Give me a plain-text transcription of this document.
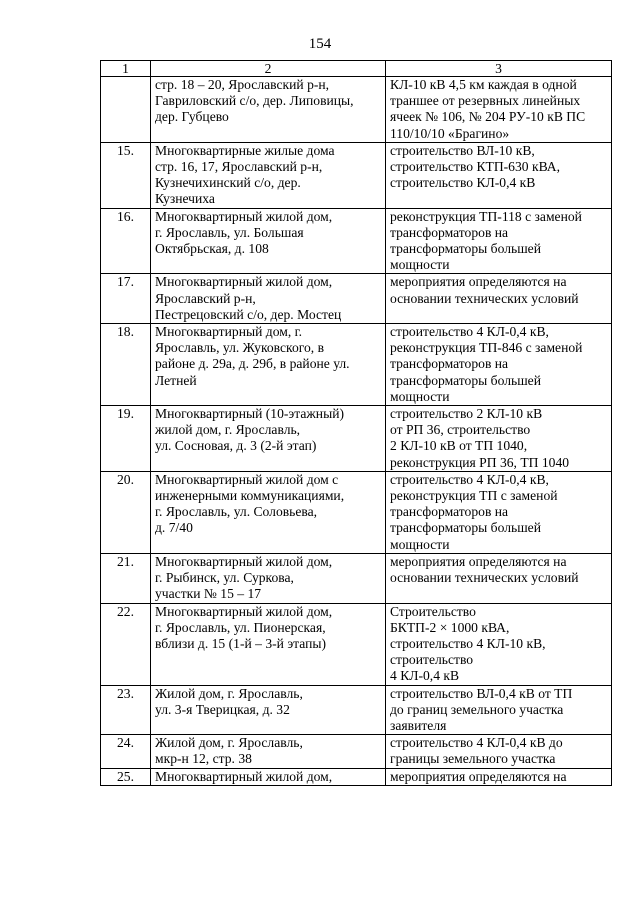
154
1	2	3

	стр. 18 – 20, Ярославский р-н,
Гавриловский с/о, дер. Липовицы,
дер. Губцево	КЛ-10 кВ 4,5 км каждая в одной
траншее от резервных линейных
ячеек № 106, № 204 РУ-10 кВ ПС
110/10/10 «Брагино»

15.	Многоквартирные жилые дома
стр. 16, 17, Ярославский р-н,
Кузнечихинский с/о, дер.
Кузнечиха	строительство ВЛ-10 кВ,
строительство КТП-630 кВА,
строительство КЛ-0,4 кВ

16.	Многоквартирный жилой дом,
г. Ярославль, ул. Большая
Октябрьская, д. 108	реконструкция ТП-118 с заменой
трансформаторов на
трансформаторы большей
мощности

17.	Многоквартирный жилой дом,
Ярославский р-н,
Пестрецовский с/о, дер. Мостец	мероприятия определяются на
основании технических условий

18.	Многоквартирный дом, г.
Ярославль, ул. Жуковского, в
районе д. 29а, д. 29б, в районе ул.
Летней	строительство 4 КЛ-0,4 кВ,
реконструкция ТП-846 с заменой
трансформаторов на
трансформаторы большей
мощности

19.	Многоквартирный (10-этажный)
жилой дом, г. Ярославль,
ул. Сосновая, д. 3 (2-й этап)	строительство 2 КЛ-10 кВ
от РП 36, строительство
2 КЛ-10 кВ от ТП 1040,
реконструкция РП 36, ТП 1040

20.	Многоквартирный жилой дом с
инженерными коммуникациями,
г. Ярославль, ул. Соловьева,
д. 7/40	строительство 4 КЛ-0,4 кВ,
реконструкция ТП с заменой
трансформаторов на
трансформаторы большей
мощности

21.	Многоквартирный жилой дом,
г. Рыбинск, ул. Суркова,
участки № 15 – 17	мероприятия определяются на
основании технических условий

22.	Многоквартирный жилой дом,
г. Ярославль, ул. Пионерская,
вблизи д. 15 (1-й – 3-й этапы)	Строительство
БКТП-2 × 1000 кВА,
строительство 4 КЛ-10 кВ,
строительство
4 КЛ-0,4 кВ

23.	Жилой дом, г. Ярославль,
ул. 3-я Тверицкая, д. 32	строительство ВЛ-0,4 кВ от ТП
до границ земельного участка
заявителя

24.	Жилой дом, г. Ярославль,
мкр-н 12, стр. 38	строительство 4 КЛ-0,4 кВ до
границы земельного участка

25.	Многоквартирный жилой дом,	мероприятия определяются на
